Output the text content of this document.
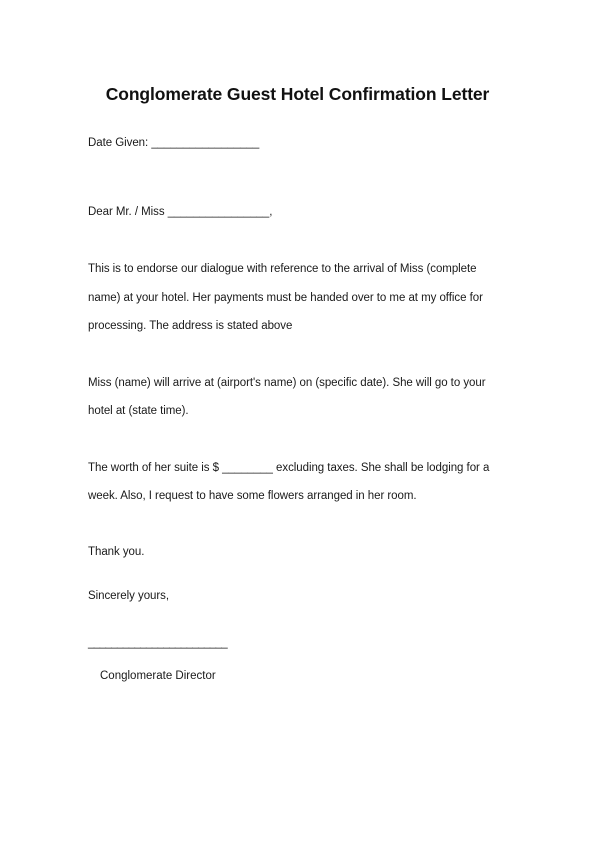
Conglomerate Guest Hotel Confirmation Letter
Date Given: _________________
Dear Mr. / Miss ________________,
This is to endorse our dialogue with reference to the arrival of Miss (complete
name) at your hotel. Her payments must be handed over to me at my office for
processing. The address is stated above
Miss (name) will arrive at (airport's name) on (specific date). She will go to your
hotel at (state time).
The worth of her suite is $ ________ excluding taxes. She shall be lodging for a
week. Also, I request to have some flowers arranged in her room.
Thank you.
Sincerely yours,
________________________
Conglomerate Director
